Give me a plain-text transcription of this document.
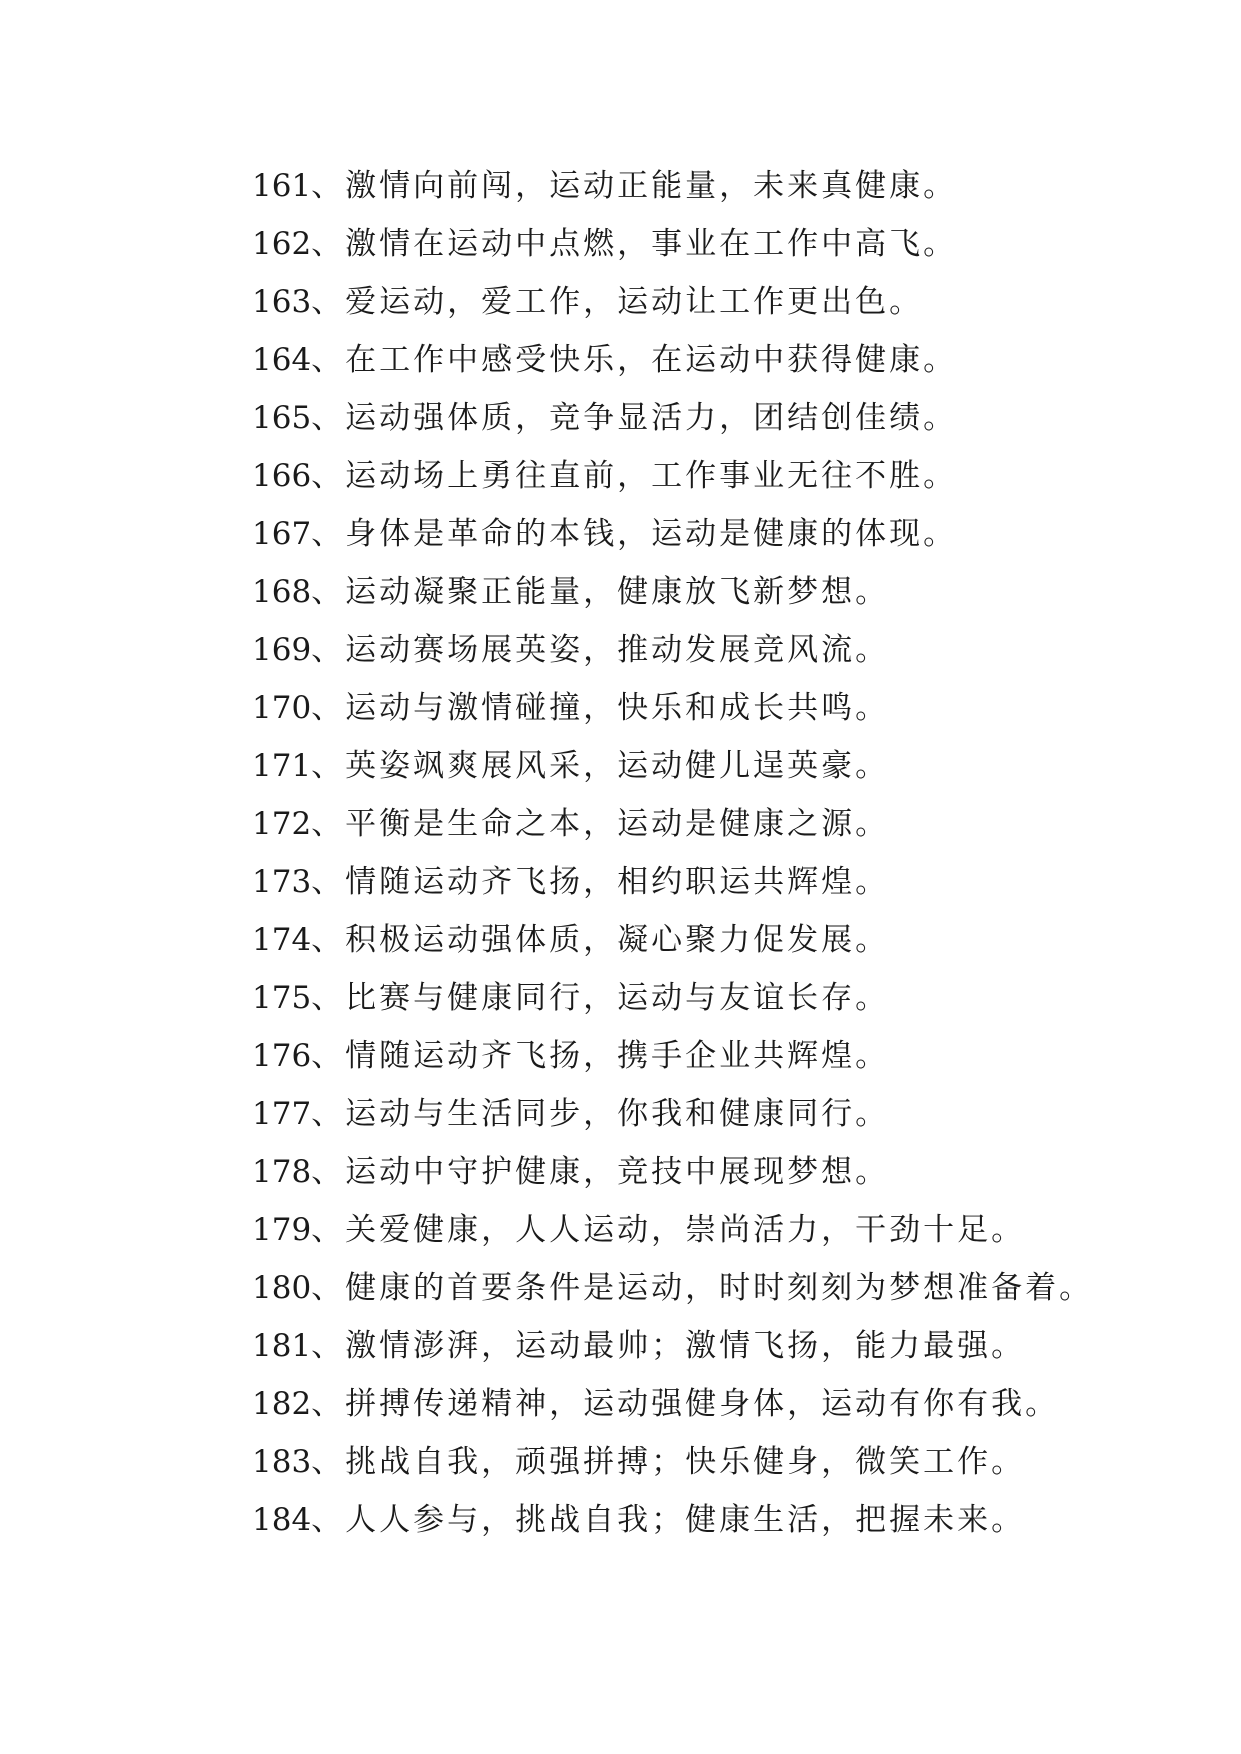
161、激情向前闯，运动正能量，未来真健康。
162、激情在运动中点燃，事业在工作中高飞。
163、爱运动，爱工作，运动让工作更出色。
164、在工作中感受快乐，在运动中获得健康。
165、运动强体质，竞争显活力，团结创佳绩。
166、运动场上勇往直前，工作事业无往不胜。
167、身体是革命的本钱，运动是健康的体现。
168、运动凝聚正能量，健康放飞新梦想。
169、运动赛场展英姿，推动发展竞风流。
170、运动与激情碰撞，快乐和成长共鸣。
171、英姿飒爽展风采，运动健儿逞英豪。
172、平衡是生命之本，运动是健康之源。
173、情随运动齐飞扬，相约职运共辉煌。
174、积极运动强体质，凝心聚力促发展。
175、比赛与健康同行，运动与友谊长存。
176、情随运动齐飞扬，携手企业共辉煌。
177、运动与生活同步，你我和健康同行。
178、运动中守护健康，竞技中展现梦想。
179、关爱健康，人人运动，崇尚活力，干劲十足。
180、健康的首要条件是运动，时时刻刻为梦想准备着。
181、激情澎湃，运动最帅；激情飞扬，能力最强。
182、拼搏传递精神，运动强健身体，运动有你有我。
183、挑战自我，顽强拼搏；快乐健身，微笑工作。
184、人人参与，挑战自我；健康生活，把握未来。
